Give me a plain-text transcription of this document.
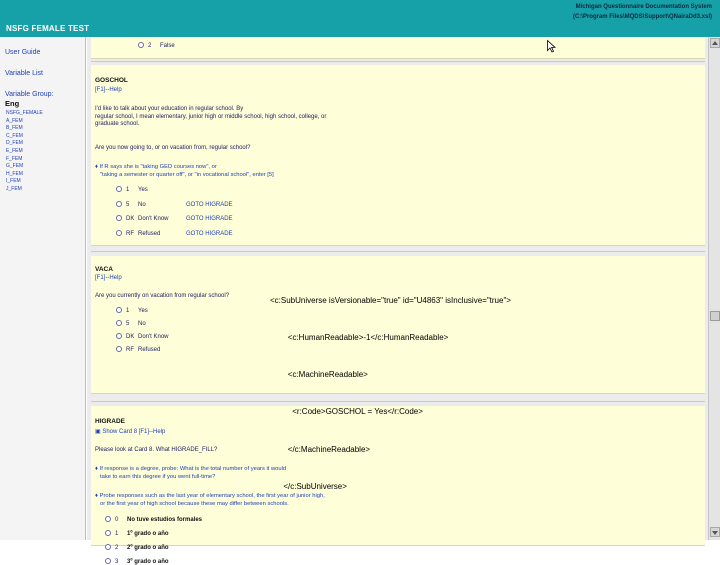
NSFG FEMALE TEST
Michigan Questionnaire Documentation System
(C:\Program Files\MQDS\Support\QNairaDd3.xsl)
User Guide
Variable List
Variable Group:
Eng
NSFG_FEMALE
A_FEM
B_FEM
C_FEM
D_FEM
E_FEM
F_FEM
G_FEM
H_FEM
I_FEM
J_FEM
2 False
GOSCHOL
[F1]--Help
I'd like to talk about your education in regular school. By
regular school, I mean elementary, junior high or middle school, high school, college, or
graduate school.
Are you now going to, or on vacation from, regular school?
♦ If R says she is "taking GED courses now", or
"taking a semester or quarter off", or "in vocational school", enter [5]
1 Yes
5 No	GOTO HIGRADE
DK Don't Know	GOTO HIGRADE
RF Refused	GOTO HIGRADE
VACA
[F1]--Help
Are you currently on vacation from regular school?
1 Yes
5 No
DK Don't Know
RF Refused
HIGRADE
▣ Show Card 8 [F1]--Help
Please look at Card 8. What HIGRADE_FILL?
♦ If response is a degree, probe: What is the total number of years it would
take to earn this degree if you went full-time?
♦ Probe responses such as the last year of elementary school, the first year of junior high,
or the first year of high school because these may differ between schools.
0 No tuve estudios formales
1 1º grado o año
2 2º grado o año
3 3º grado o año

<c:SubUniverse isVersionable="true" id="U4863" isInclusive="true">

<c:HumanReadable>-1</c:HumanReadable>

<c:MachineReadable>

<r:Code>GOSCHOL = Yes</r:Code>

</c:MachineReadable>

</c:SubUniverse>
